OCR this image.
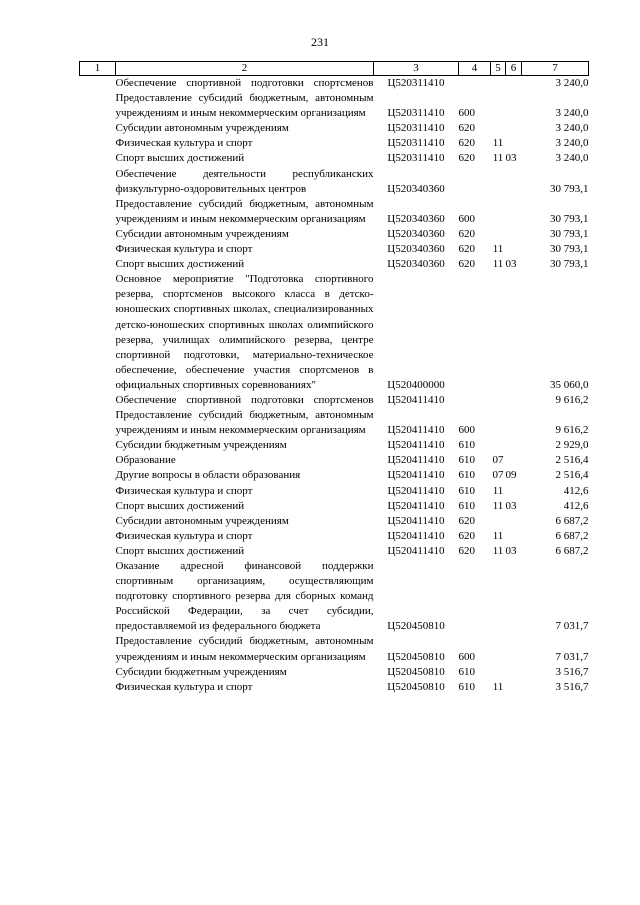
231
1	2	3	4	5	6	7
	Обеспечение спортивной подготовки спортсменов	Ц520311410				3 240,0
	Предоставление субсидий бюджетным, автономным учреждениям и иным некоммерческим организациям	Ц520311410	600			3 240,0
	Субсидии автономным учреждениям	Ц520311410	620			3 240,0
	Физическая культура и спорт	Ц520311410	620	11		3 240,0
	Спорт высших достижений	Ц520311410	620	11	03	3 240,0
	Обеспечение деятельности республиканских физкультурно-оздоровительных центров	Ц520340360				30 793,1
	Предоставление субсидий бюджетным, автономным учреждениям и иным некоммерческим организациям	Ц520340360	600			30 793,1
	Субсидии автономным учреждениям	Ц520340360	620			30 793,1
	Физическая культура и спорт	Ц520340360	620	11		30 793,1
	Спорт высших достижений	Ц520340360	620	11	03	30 793,1
	Основное мероприятие "Подготовка спортивного резерва, спортсменов высокого класса в детско-юношеских спортивных школах, специализированных детско-юношеских спортивных школах олимпийского резерва, училищах олимпийского резерва, центре спортивной подготовки, материально-техническое обеспечение, обеспечение участия спортсменов в официальных спортивных соревнованиях"	Ц520400000				35 060,0
	Обеспечение спортивной подготовки спортсменов	Ц520411410				9 616,2
	Предоставление субсидий бюджетным, автономным учреждениям и иным некоммерческим организациям	Ц520411410	600			9 616,2
	Субсидии бюджетным учреждениям	Ц520411410	610			2 929,0
	Образование	Ц520411410	610	07		2 516,4
	Другие вопросы в области образования	Ц520411410	610	07	09	2 516,4
	Физическая культура и спорт	Ц520411410	610	11		412,6
	Спорт высших достижений	Ц520411410	610	11	03	412,6
	Субсидии автономным учреждениям	Ц520411410	620			6 687,2
	Физическая культура и спорт	Ц520411410	620	11		6 687,2
	Спорт высших достижений	Ц520411410	620	11	03	6 687,2
	Оказание адресной финансовой поддержки спортивным организациям, осуществляющим подготовку спортивного резерва для сборных команд Российской Федерации, за счет субсидии, предоставляемой из федерального бюджета	Ц520450810				7 031,7
	Предоставление субсидий бюджетным, автономным учреждениям и иным некоммерческим организациям	Ц520450810	600			7 031,7
	Субсидии бюджетным учреждениям	Ц520450810	610			3 516,7
	Физическая культура и спорт	Ц520450810	610	11		3 516,7
